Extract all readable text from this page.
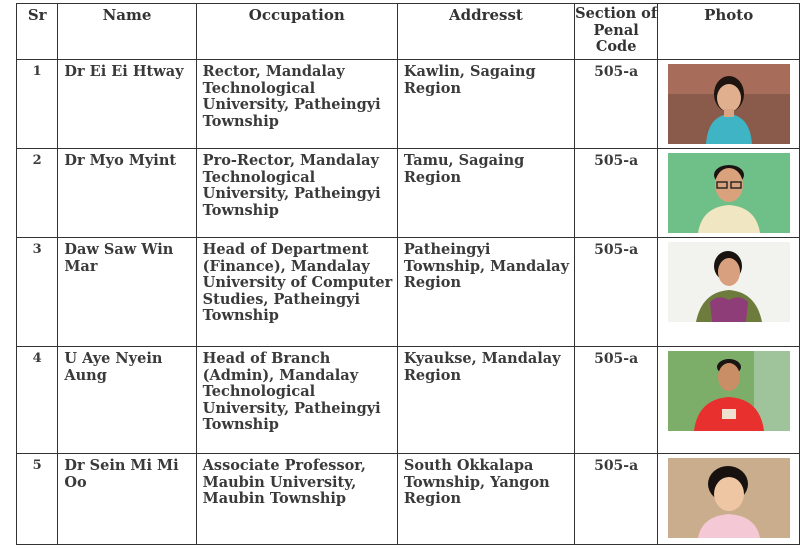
Sr	Name	Occupation	Addresst	Section of Penal Code	Photo
1	Dr Ei Ei Htway	Rector, Mandalay Technological University, Patheingyi Township	Kawlin, Sagaing Region	505-a	

2	Dr Myo Myint	Pro-Rector, Mandalay Technological University, Patheingyi Township	Tamu, Sagaing Region	505-a	

3	Daw Saw Win Mar	Head of Department (Finance), Mandalay University of Computer Studies, Patheingyi Township	Patheingyi Township, Mandalay Region	505-a	

4	U Aye Nyein Aung	Head of Branch (Admin), Mandalay Technological University, Patheingyi Township	Kyaukse, Mandalay Region	505-a	

5	Dr Sein Mi Mi Oo	Associate Professor, Maubin University, Maubin Township	South Okkalapa Township, Yangon Region	505-a	
